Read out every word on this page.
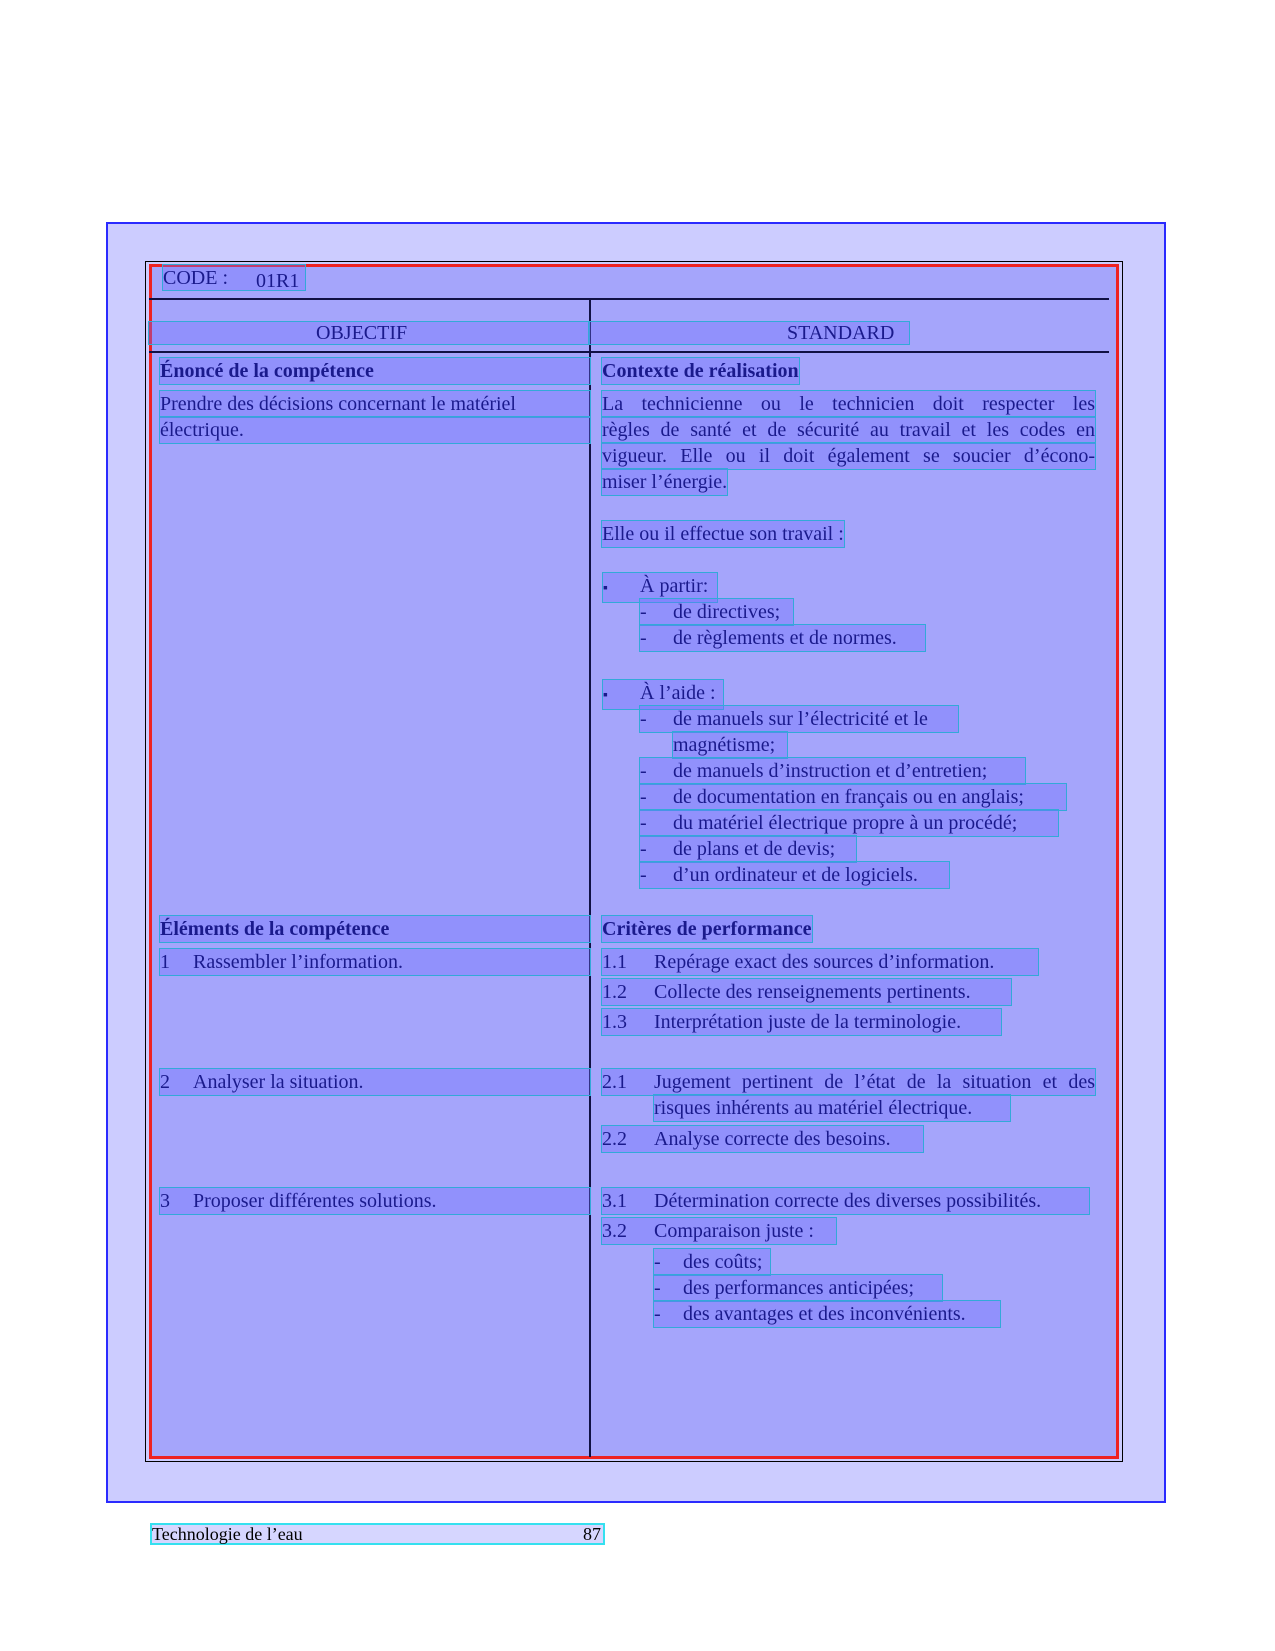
CODE : 01R1
OBJECTIF	STANDARD
Énoncé de la compétence
Prendre des décisions concernant le matériel
électrique.
Éléments de la compétence
1 Rassembler l’information.
2 Analyser la situation.
3 Proposer différentes solutions.
Contexte de réalisation
La technicienne ou le technicien doit respecter les
règles de santé et de sécurité au travail et les codes en
vigueur. Elle ou il doit également se soucier d’écono-
miser l’énergie.
Elle ou il effectue son travail :
▪ À partir:
- de directives;
- de règlements et de normes.
▪ À l’aide :
- de manuels sur l’électricité et le
magnétisme;
- de manuels d’instruction et d’entretien;
- de documentation en français ou en anglais;
- du matériel électrique propre à un procédé;
- de plans et de devis;
- d’un ordinateur et de logiciels.
Critères de performance
1.1 Repérage exact des sources d’information.
1.2 Collecte des renseignements pertinents.
1.3 Interprétation juste de la terminologie.
2.1 Jugement pertinent de l’état de la situation et des
risques inhérents au matériel électrique.
2.2 Analyse correcte des besoins.
3.1 Détermination correcte des diverses possibilités.
3.2 Comparaison juste :
- des coûts;
- des performances anticipées;
- des avantages et des inconvénients.
Technologie de l’eau	87
